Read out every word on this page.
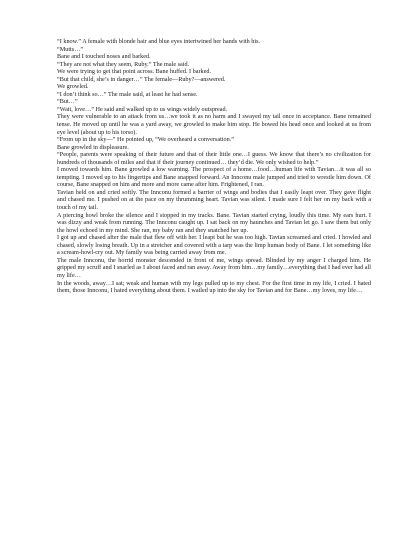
“I know.” A female with blonde hair and blue eyes intertwined her hands with his.

“Mutts…”

Bane and I touched noses and barked.

“They are not what they seem, Ruby.” The male said.

We were trying to get that point across. Bane huffed. I barked.

“But that child, she’s in danger…” The female—Ruby?—answered.

We growled.

“I don’t think so…” The male said, at least he had sense.

“But…”

“Wait, love…” He said and walked up to us wings widely outspread.

They were vulnerable to an attack from us…we took it as no harm and I swayed my tail once in acceptance. Bane remained tense. He moved up until he was a yard away, we growled to make him stop. He bowed his head once and looked at us from eye level (about up to his torso).

“From up in the sky—” He pointed up, “We overheard a conversation.”

Bane growled in displeasure.

“People, parents were speaking of their future and that of their little one…I guess. We know that there’s no civilization for hundreds of thousands of miles and that if their journey continued… they’d die. We only wished to help.”

I moved towards him. Bane growled a low warning. The prospect of a home…food…human life with Tavian…it was all so tempting. I moved up to his fingertips and Bane snapped forward. An Innconu male jumped and tried to wrestle him down. Of course, Bane snapped on him and more and more came after him. Frightened, I ran.

Tavian held on and cried softly. The Innconu formed a barrier of wings and bodies that I easily leapt over. They gave flight and chased me. I pushed on at the pace on my thrumming heart. Tavian was silent. I made sure I felt her on my back with a touch of my tail.

A piercing howl broke the silence and I stopped in my tracks. Bane. Tavian started crying, loudly this time. My ears hurt. I was dizzy and weak from running. The Innconu caught up. I sat back on my haunches and Tavian let go. I saw them but only the howl echoed in my mind. She ran, my baby ran and they snatched her up.

I got up and chased after the male that flew off with her. I leapt but he was too high. Tavian screamed and cried. I howled and chased, slowly losing breath. Up in a stretcher and covered with a tarp was the limp human body of Bane. I let something like a scream-howl-cry out. My family was being carried away from me.

The male Innconu, the horrid monster descended in front of me, wings spread. Blinded by my anger I charged him. He gripped my scruff and I snarled as I about faced and ran away. Away from him…my family…everything that I had ever had all my life…

In the woods, away…I sat; weak and human with my legs pulled up to my chest. For the first time in my life, I cried. I hated them, those Innconu, I hated everything about them. I wailed up into the sky for Tavian and for Bane…my loves, my life…
